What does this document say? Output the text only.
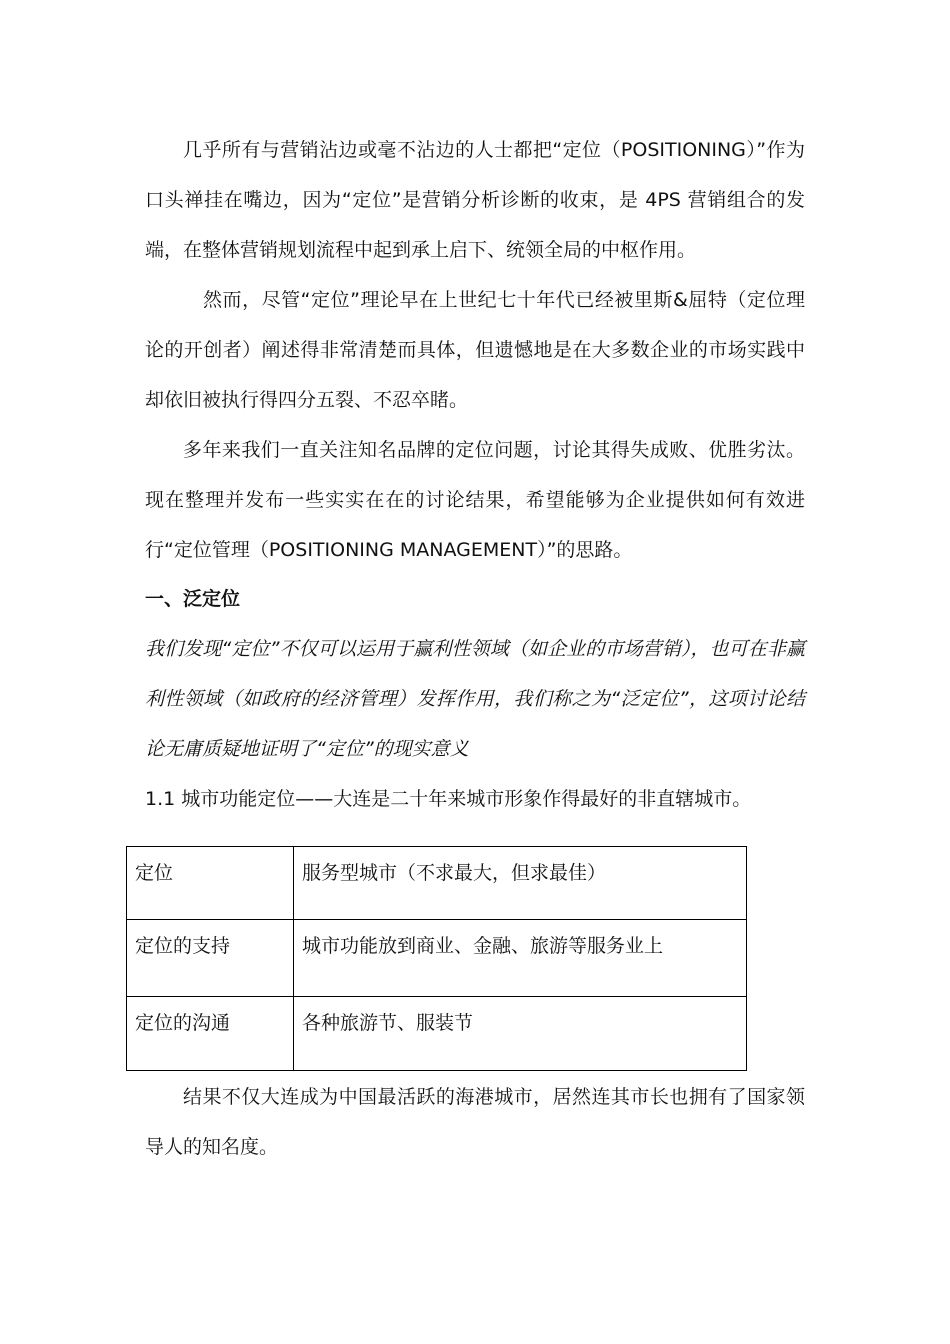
几乎所有与营销沾边或毫不沾边的人士都把“定位（POSITIONING）”作为口头禅挂在嘴边，因为“定位”是营销分析诊断的收束，是 4PS 营销组合的发端，在整体营销规划流程中起到承上启下、统领全局的中枢作用。

然而，尽管“定位”理论早在上世纪七十年代已经被里斯&屈特（定位理论的开创者）阐述得非常清楚而具体，但遗憾地是在大多数企业的市场实践中却依旧被执行得四分五裂、不忍卒睹。

多年来我们一直关注知名品牌的定位问题，讨论其得失成败、优胜劣汰。现在整理并发布一些实实在在的讨论结果，希望能够为企业提供如何有效进行“定位管理（POSITIONING MANAGEMENT）”的思路。

一、泛定位

我们发现“定位”不仅可以运用于赢利性领域（如企业的市场营销），也可在非赢利性领域（如政府的经济管理）发挥作用，我们称之为“泛定位”，这项讨论结论无庸质疑地证明了“定位”的现实意义

1.1 城市功能定位——大连是二十年来城市形象作得最好的非直辖城市。

定位	服务型城市（不求最大，但求最佳）
定位的支持	城市功能放到商业、金融、旅游等服务业上
定位的沟通	各种旅游节、服装节

结果不仅大连成为中国最活跃的海港城市，居然连其市长也拥有了国家领导人的知名度。
